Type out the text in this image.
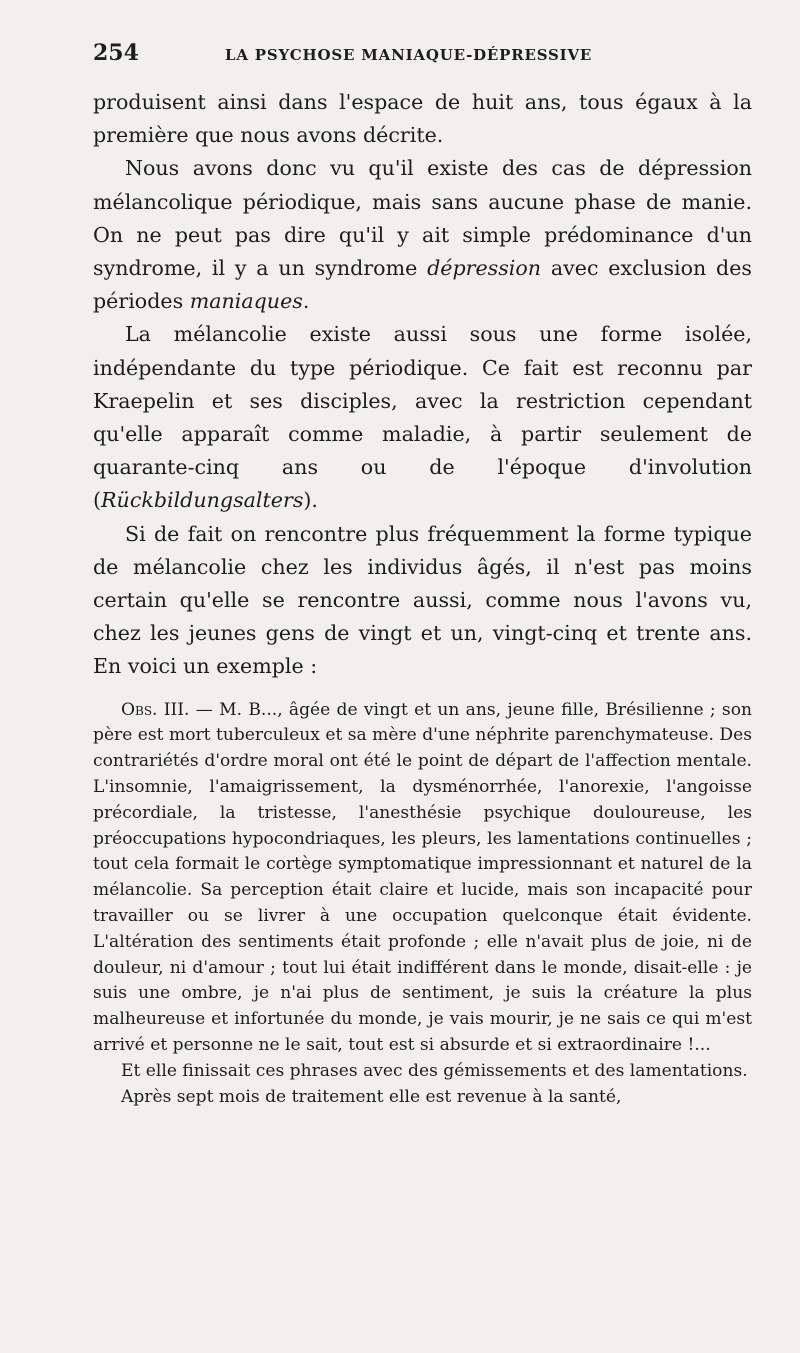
254	LA PSYCHOSE MANIAQUE-DÉPRESSIVE

produisent ainsi dans l'espace de huit ans, tous égaux à la première que nous avons décrite.

Nous avons donc vu qu'il existe des cas de dépression mélancolique périodique, mais sans aucune phase de manie. On ne peut pas dire qu'il y ait simple prédominance d'un syndrome, il y a un syndrome dépression avec exclusion des périodes maniaques.

La mélancolie existe aussi sous une forme isolée, indépendante du type périodique. Ce fait est reconnu par Kraepelin et ses disciples, avec la restriction cependant qu'elle apparaît comme maladie, à partir seulement de quarante-cinq ans ou de l'époque d'involution (Rückbildungsalters).

Si de fait on rencontre plus fréquemment la forme typique de mélancolie chez les individus âgés, il n'est pas moins certain qu'elle se rencontre aussi, comme nous l'avons vu, chez les jeunes gens de vingt et un, vingt-cinq et trente ans. En voici un exemple :

Obs. III. — M. B..., âgée de vingt et un ans, jeune fille, Brésilienne ; son père est mort tuberculeux et sa mère d'une néphrite parenchymateuse. Des contrariétés d'ordre moral ont été le point de départ de l'affection mentale. L'insomnie, l'amaigrissement, la dysménorrhée, l'anorexie, l'angoisse précordiale, la tristesse, l'anesthésie psychique douloureuse, les préoccupations hypocondriaques, les pleurs, les lamentations continuelles ; tout cela formait le cortège symptomatique impressionnant et naturel de la mélancolie. Sa perception était claire et lucide, mais son incapacité pour travailler ou se livrer à une occupation quelconque était évidente. L'altération des sentiments était profonde ; elle n'avait plus de joie, ni de douleur, ni d'amour ; tout lui était indifférent dans le monde, disait-elle : je suis une ombre, je n'ai plus de sentiment, je suis la créature la plus malheureuse et infortunée du monde, je vais mourir, je ne sais ce qui m'est arrivé et personne ne le sait, tout est si absurde et si extraordinaire !...

Et elle finissait ces phrases avec des gémissements et des lamentations.

Après sept mois de traitement elle est revenue à la santé,
